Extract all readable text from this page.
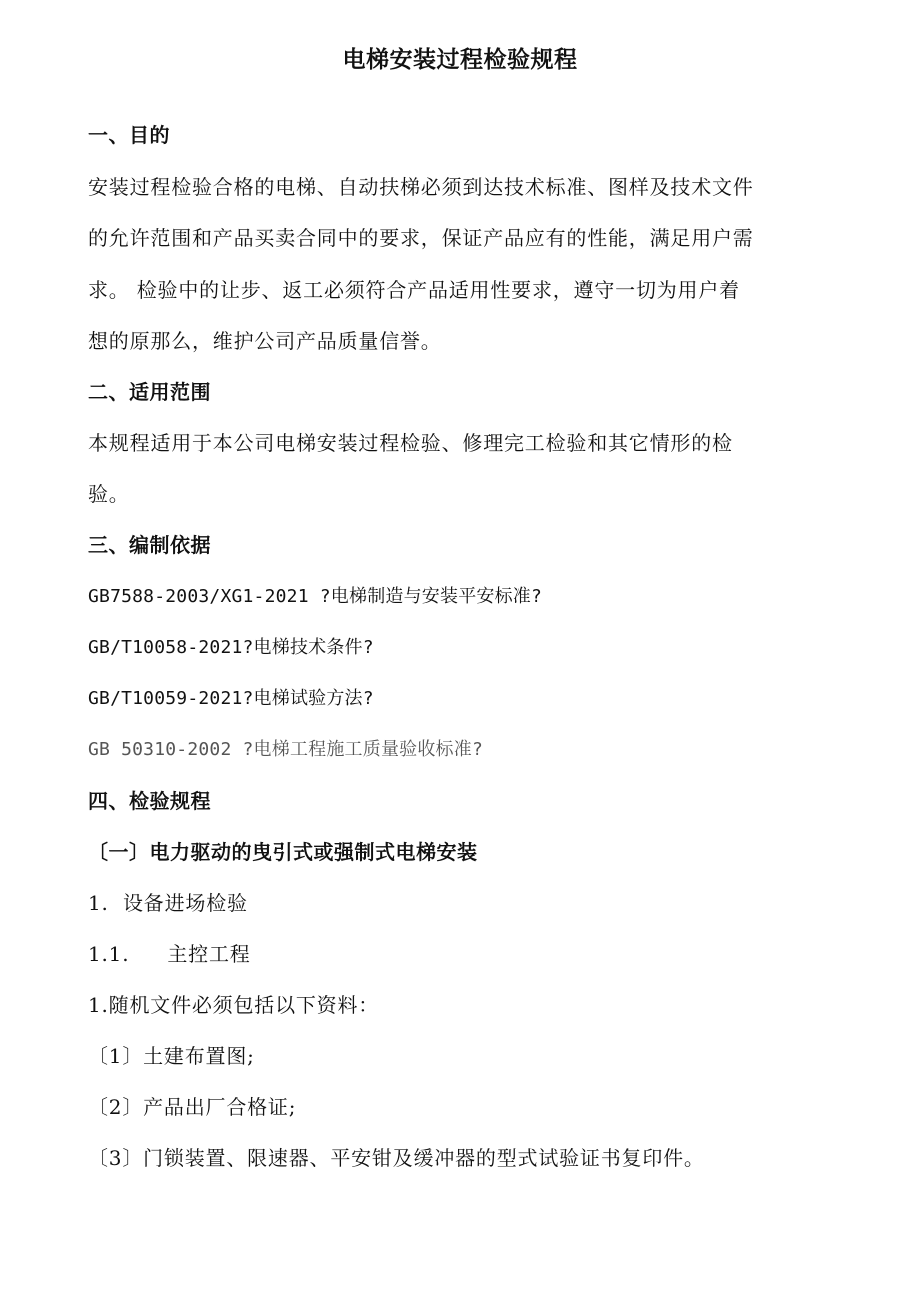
电梯安装过程检验规程
一、目的
安装过程检验合格的电梯、自动扶梯必须到达技术标准、图样及技术文件
的允许范围和产品买卖合同中的要求，保证产品应有的性能，满足用户需
求。 检验中的让步、返工必须符合产品适用性要求，遵守一切为用户着
想的原那么，维护公司产品质量信誉。
二、适用范围
本规程适用于本公司电梯安装过程检验、修理完工检验和其它情形的检
验。
三、编制依据
GB7588-2003/XG1-2021 ?电梯制造与安装平安标准?
GB/T10058-2021?电梯技术条件?
GB/T10059-2021?电梯试验方法?
GB 50310-2002 ?电梯工程施工质量验收标准?
四、检验规程
〔一〕电力驱动的曳引式或强制式电梯安装
1.  设备进场检验
1.1. 主控工程
1.随机文件必须包括以下资料：
〔1〕土建布置图;
〔2〕产品出厂合格证;
〔3〕门锁装置、限速器、平安钳及缓冲器的型式试验证书复印件。
